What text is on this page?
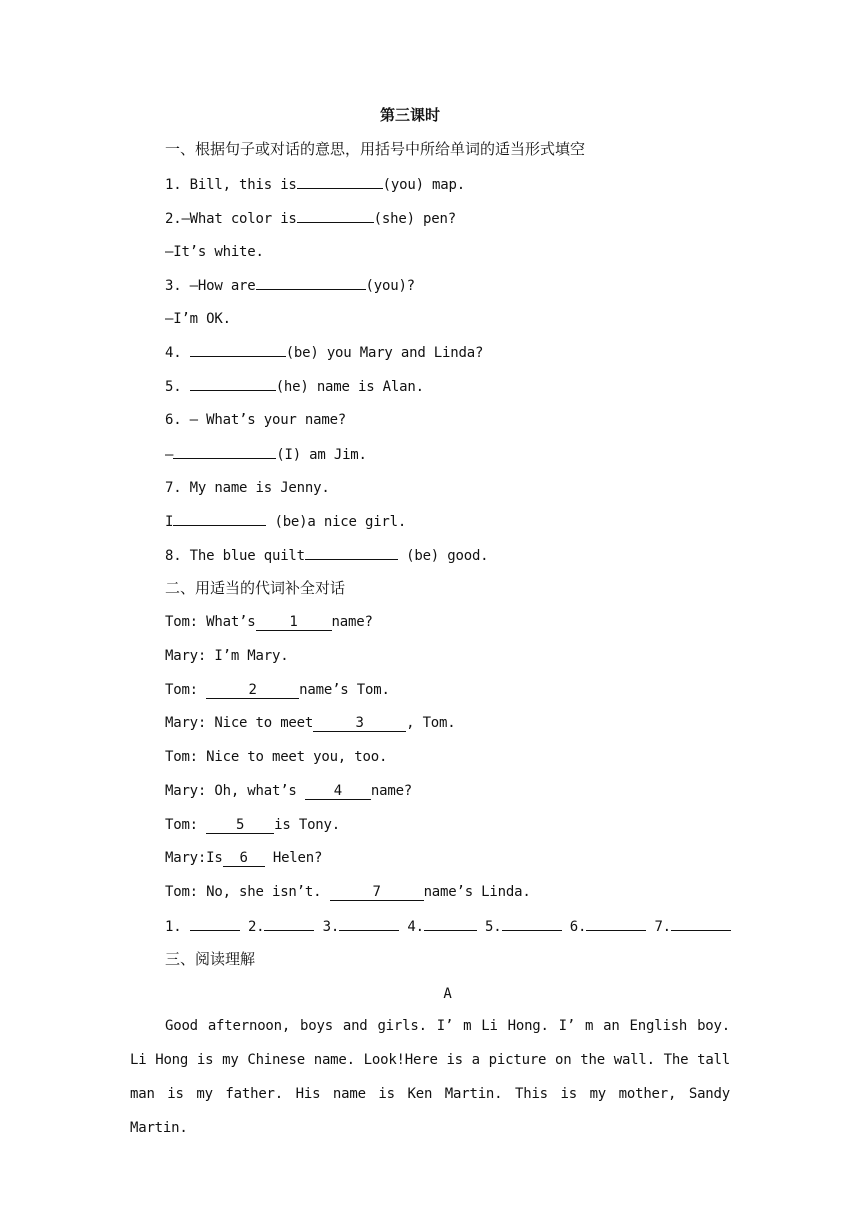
第三课时
一、根据句子或对话的意思，用括号中所给单词的适当形式填空
1. Bill, this is	(you) map.
2.—What color is	(she) pen?
—It’s white.
3. —How are	(you)?
—I’m OK.
4.	(be) you Mary and Linda?
5.	(he) name is Alan.
6. — What’s your name?
—	(I) am Jim.
7. My name is Jenny.
I	(be)a nice girl.
8. The blue quilt	(be) good.
二、用适当的代词补全对话
Tom: What’s 1 name?
Mary: I’m Mary.
Tom:	2	name’s Tom.
Mary: Nice to meet	3	, Tom.
Tom: Nice to meet you, too.
Mary: Oh, what’s 4 name?
Tom: 5 is Tony.
Mary:Is 6 Helen?
Tom: No, she isn’t.	7	name’s Linda.
1.	2.	3.	4.	5.	6.	7.
三、阅读理解
A
Good afternoon, boys and girls. I’ m Li Hong. I’ m an English boy. Li Hong is my Chinese name. Look!Here is a picture on the wall. The tall man is my father. His name is Ken Martin. This is my mother, Sandy Martin.
